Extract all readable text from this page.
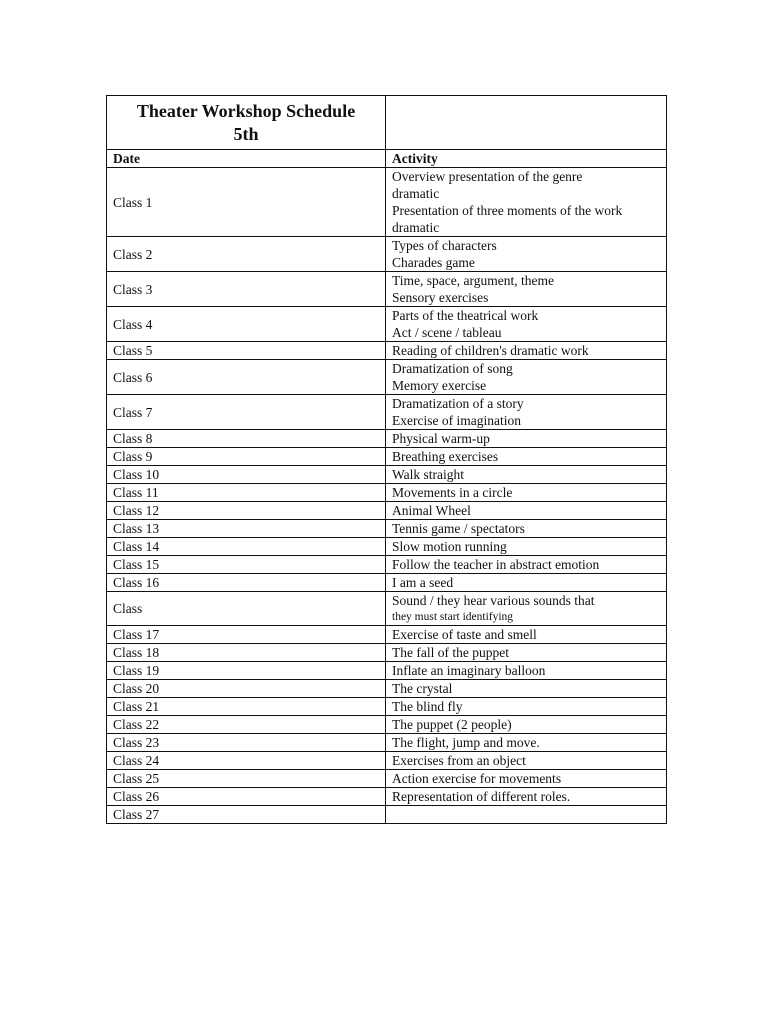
Theater Workshop Schedule
5th	

Date	Activity
Class 1	Overview presentation of the genre
dramatic
Presentation of three moments of the work
dramatic

Class 2	Types of characters
Charades game

Class 3	Time, space, argument, theme
Sensory exercises

Class 4	Parts of the theatrical work
Act / scene / tableau

Class 5	Reading of children's dramatic work

Class 6	Dramatization of song
Memory exercise

Class 7	Dramatization of a story
Exercise of imagination

Class 8	Physical warm-up

Class 9	Breathing exercises

Class 10	Walk straight

Class 11	Movements in a circle

Class 12	Animal Wheel

Class 13	Tennis game / spectators

Class 14	Slow motion running

Class 15	Follow the teacher in abstract emotion

Class 16	I am a seed

Class	Sound / they hear various sounds that
they must start identifying

Class 17	Exercise of taste and smell

Class 18	The fall of the puppet

Class 19	Inflate an imaginary balloon

Class 20	The crystal

Class 21	The blind fly

Class 22	The puppet (2 people)

Class 23	The flight, jump and move.

Class 24	Exercises from an object

Class 25	Action exercise for movements

Class 26	Representation of different roles.

Class 27	
